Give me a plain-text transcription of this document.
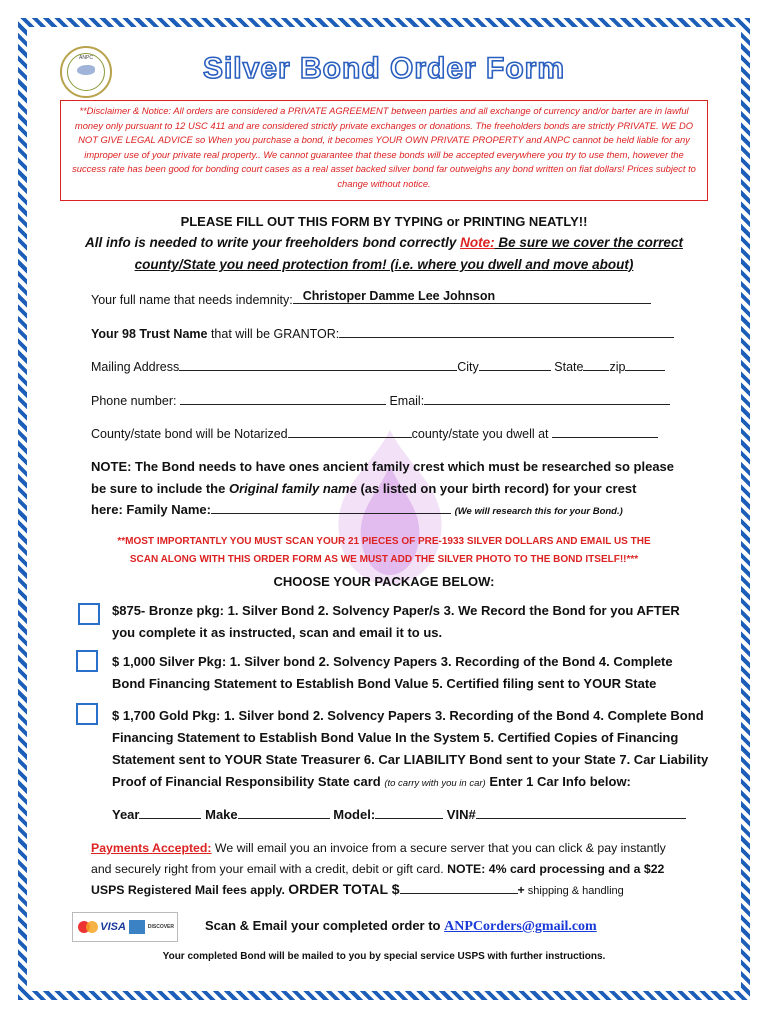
ANPC	Silver Bond Order Form
**Disclaimer & Notice: All orders are considered a PRIVATE AGREEMENT between parties and all exchange of currency and/or barter are in lawful money only pursuant to 12 USC 411 and are considered strictly private exchanges or donations. The freeholders bonds are strictly PRIVATE. WE DO NOT GIVE LEGAL ADVICE so When you purchase a bond, it becomes YOUR OWN PRIVATE PROPERTY and ANPC cannot be held liable for any improper use of your private real property.. We cannot guarantee that these bonds will be accepted everywhere you try to use them, however the success rate has been good for bonding court cases as a real asset backed silver bond far outweighs any bond written on fiat dollars! Prices subject to change without notice.
PLEASE FILL OUT THIS FORM BY TYPING or PRINTING NEATLY!!
All info is needed to write your freeholders bond correctly Note: Be sure we cover the correct
county/State you need protection from! (i.e. where you dwell and move about)
Your full name that needs indemnity: Christoper Damme Lee Johnson
Your 98 Trust Name that will be GRANTOR:
Mailing Address	City	State zip
Phone number:	Email:
County/state bond will be Notarized	county/state you dwell at
NOTE: The Bond needs to have ones ancient family crest which must be researched so please
be sure to include the Original family name (as listed on your birth record) for your crest
here: Family Name:	(We will research this for your Bond.)
**MOST IMPORTANTLY YOU MUST SCAN YOUR 21 PIECES OF PRE-1933 SILVER DOLLARS AND EMAIL US THE
SCAN ALONG WITH THIS ORDER FORM AS WE MUST ADD THE SILVER PHOTO TO THE BOND ITSELF!!***
CHOOSE YOUR PACKAGE BELOW:
$875- Bronze pkg: 1. Silver Bond 2. Solvency Paper/s 3. We Record the Bond for you AFTER
you complete it as instructed, scan and email it to us.
$ 1,000 Silver Pkg: 1. Silver bond 2. Solvency Papers 3. Recording of the Bond 4. Complete
Bond Financing Statement to Establish Bond Value 5. Certified filing sent to YOUR State
$ 1,700 Gold Pkg: 1. Silver bond 2. Solvency Papers 3. Recording of the Bond 4. Complete Bond
Financing Statement to Establish Bond Value In the System 5. Certified Copies of Financing
Statement sent to YOUR State Treasurer 6. Car LIABILITY Bond sent to your State 7. Car Liability
Proof of Financial Responsibility State card (to carry with you in car) Enter 1 Car Info below:
Year	Make	Model:	VIN#
Payments Accepted: We will email you an invoice from a secure server that you can click & pay instantly
and securely right from your email with a credit, debit or gift card. NOTE: 4% card processing and a $22
USPS Registered Mail fees apply. ORDER TOTAL $	+ shipping & handling
VISA	DISCOVER Scan & Email your completed order to ANPCorders@gmail.com
Your completed Bond will be mailed to you by special service USPS with further instructions.
